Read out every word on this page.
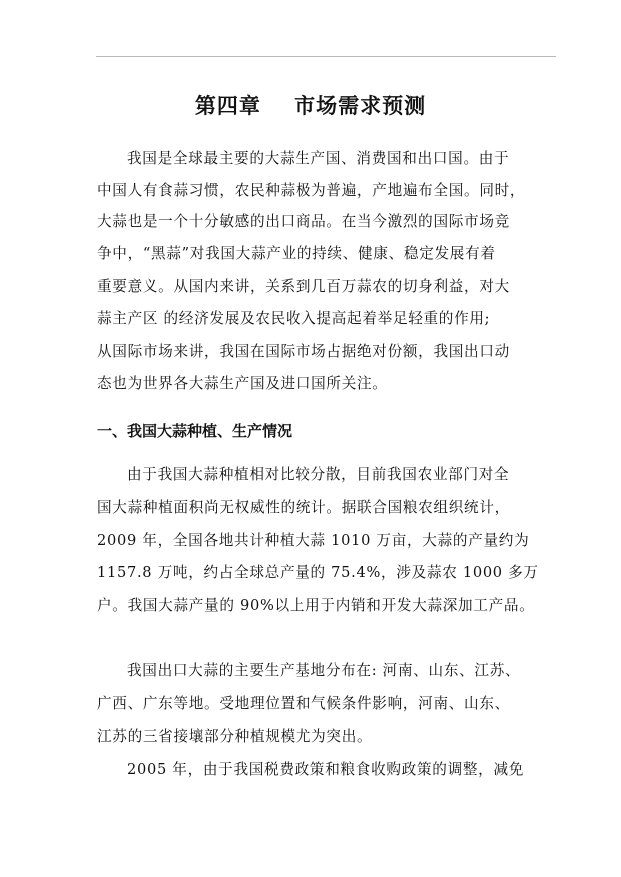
第四章    市场需求预测
我国是全球最主要的大蒜生产国、消费国和出口国。由于
中国人有食蒜习惯，农民种蒜极为普遍，产地遍布全国。同时，
大蒜也是一个十分敏感的出口商品。在当今激烈的国际市场竞
争中，“黑蒜”对我国大蒜产业的持续、健康、稳定发展有着
重要意义。从国内来讲，关系到几百万蒜农的切身利益，对大
蒜主产区 的经济发展及农民收入提高起着举足轻重的作用;
从国际市场来讲，我国在国际市场占据绝对份额，我国出口动
态也为世界各大蒜生产国及进口国所关注。
一、我国大蒜种植、生产情况
由于我国大蒜种植相对比较分散，目前我国农业部门对全
国大蒜种植面积尚无权威性的统计。据联合国粮农组织统计，
2009 年，全国各地共计种植大蒜 1010 万亩，大蒜的产量约为
1157.8 万吨，约占全球总产量的 75.4%，涉及蒜农 1000 多万
户。我国大蒜产量的 90%以上用于内销和开发大蒜深加工产品。
我国出口大蒜的主要生产基地分布在: 河南、山东、江苏、
广西、广东等地。受地理位置和气候条件影响，河南、山东、
江苏的三省接壤部分种植规模尤为突出。
2005 年，由于我国税费政策和粮食收购政策的调整，减免
